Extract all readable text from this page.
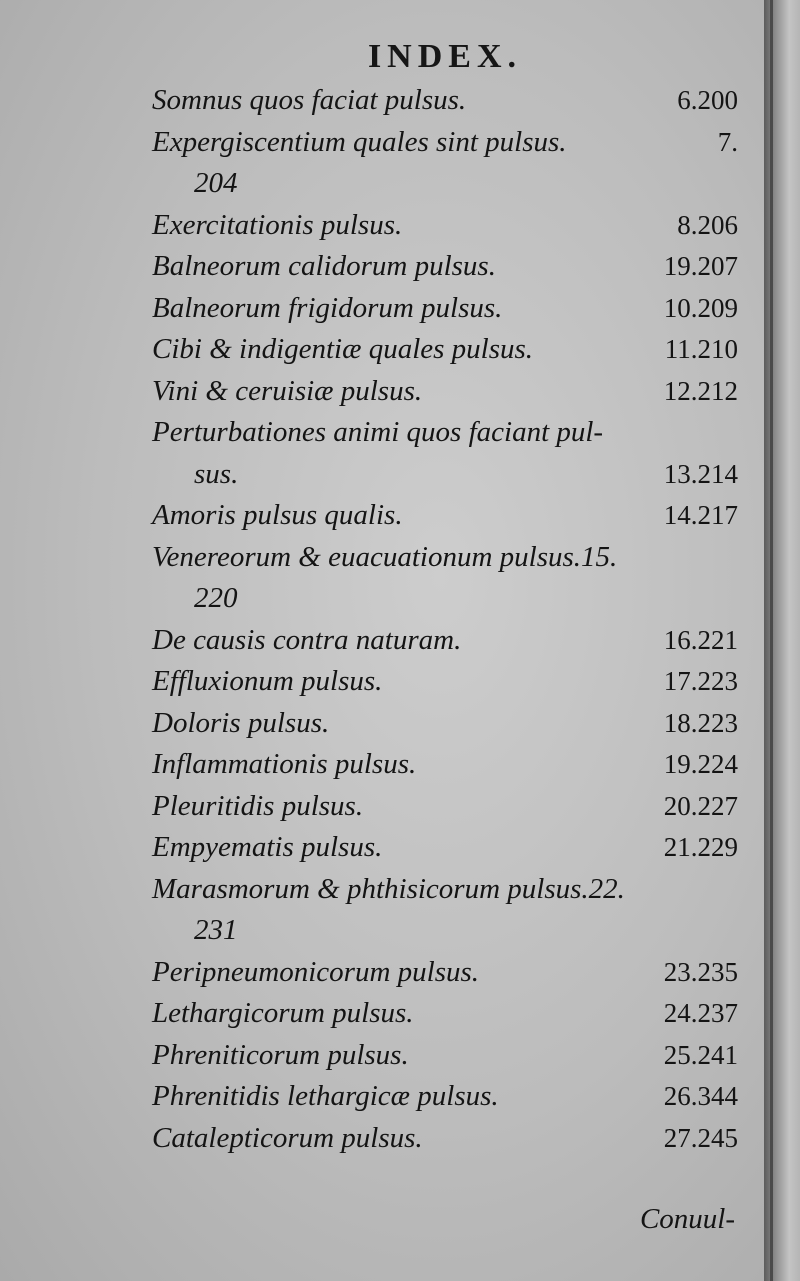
INDEX.
Somnus quos faciat pulsus.	6.200
Expergiscentium quales sint pulsus.	7.
204
Exercitationis pulsus.	8.206
Balneorum calidorum pulsus.	19.207
Balneorum frigidorum pulsus.	10.209
Cibi & indigentiæ quales pulsus.	11.210
Vini & ceruisiæ pulsus.	12.212
Perturbationes animi quos faciant pul-
sus.	13.214
Amoris pulsus qualis.	14.217
Venereorum & euacuationum pulsus.15.
220
De causis contra naturam.	16.221
Effluxionum pulsus.	17.223
Doloris pulsus.	18.223
Inflammationis pulsus.	19.224
Pleuritidis pulsus.	20.227
Empyematis pulsus.	21.229
Marasmorum & phthisicorum pulsus.22.
231
Peripneumonicorum pulsus.	23.235
Lethargicorum pulsus.	24.237
Phreniticorum pulsus.	25.241
Phrenitidis lethargicæ pulsus.	26.344
Catalepticorum pulsus.	27.245
Conuul-
